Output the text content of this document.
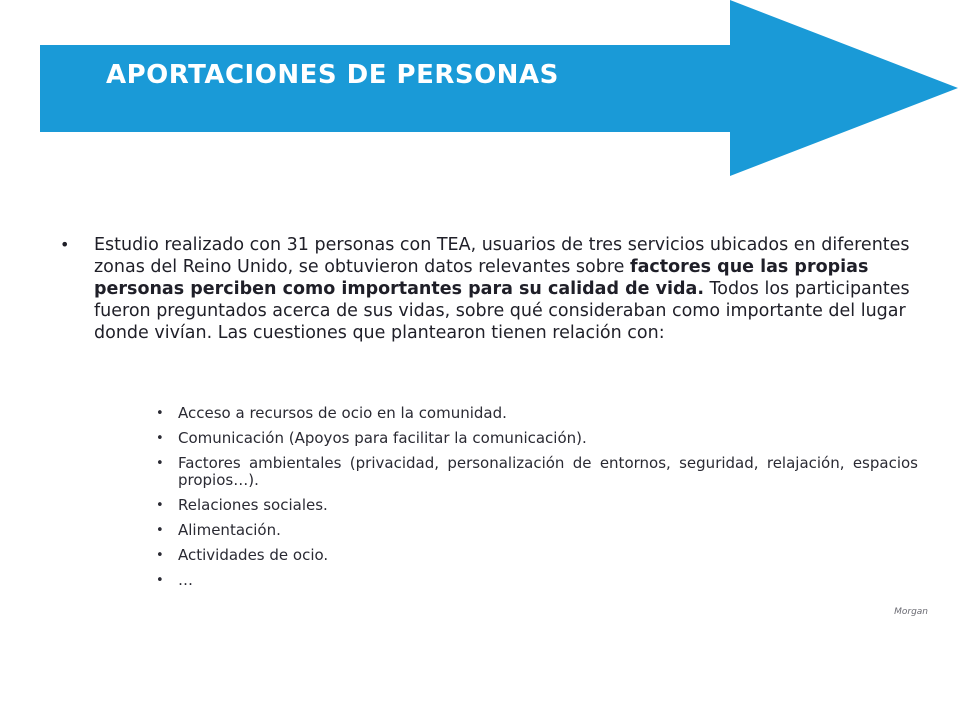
APORTACIONES DE PERSONAS
• Estudio realizado con 31 personas con TEA, usuarios de tres servicios ubicados en diferentes zonas del Reino Unido, se obtuvieron datos relevantes sobre factores que las propias personas perciben como importantes para su calidad de vida. Todos los participantes fueron preguntados acerca de sus vidas, sobre qué consideraban como importante del lugar donde vivían. Las cuestiones que plantearon tienen relación con:
• Acceso a recursos de ocio en la comunidad.
• Comunicación (Apoyos para facilitar la comunicación).
• Factores ambientales (privacidad, personalización de entornos, seguridad, relajación, espacios propios…).
• Relaciones sociales.
• Alimentación.
• Actividades de ocio.
• …
Morgan
